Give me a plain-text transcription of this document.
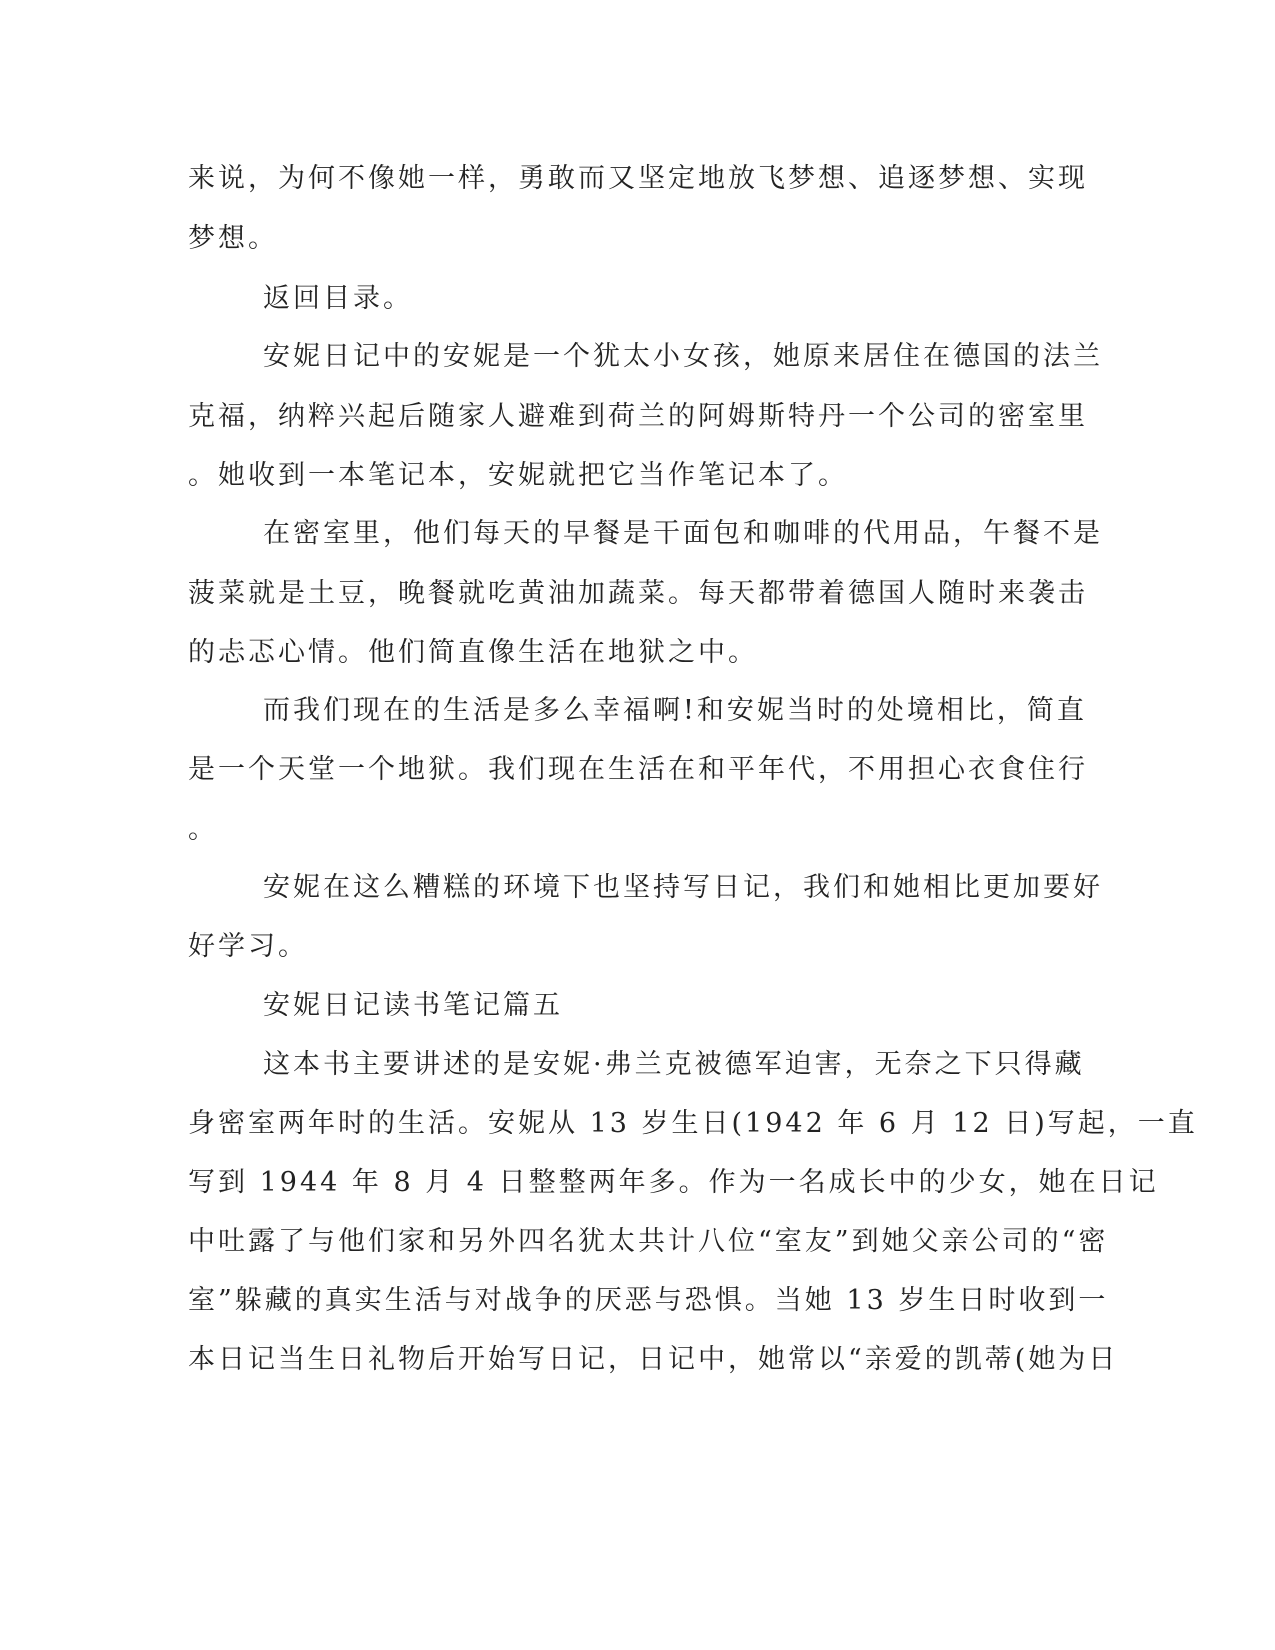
来说，为何不像她一样，勇敢而又坚定地放飞梦想、追逐梦想、实现
梦想。
返回目录。
安妮日记中的安妮是一个犹太小女孩，她原来居住在德国的法兰
克福，纳粹兴起后随家人避难到荷兰的阿姆斯特丹一个公司的密室里
。她收到一本笔记本，安妮就把它当作笔记本了。
在密室里，他们每天的早餐是干面包和咖啡的代用品，午餐不是
菠菜就是土豆，晚餐就吃黄油加蔬菜。每天都带着德国人随时来袭击
的忐忑心情。他们简直像生活在地狱之中。
而我们现在的生活是多么幸福啊!和安妮当时的处境相比，简直
是一个天堂一个地狱。我们现在生活在和平年代，不用担心衣食住行
。
安妮在这么糟糕的环境下也坚持写日记，我们和她相比更加要好
好学习。
安妮日记读书笔记篇五
这本书主要讲述的是安妮·弗兰克被德军迫害，无奈之下只得藏
身密室两年时的生活。安妮从 13 岁生日(1942 年 6 月 12 日)写起，一直
写到 1944 年 8 月 4 日整整两年多。作为一名成长中的少女，她在日记
中吐露了与他们家和另外四名犹太共计八位“室友”到她父亲公司的“密
室”躲藏的真实生活与对战争的厌恶与恐惧。当她 13 岁生日时收到一
本日记当生日礼物后开始写日记，日记中，她常以“亲爱的凯蒂(她为日
